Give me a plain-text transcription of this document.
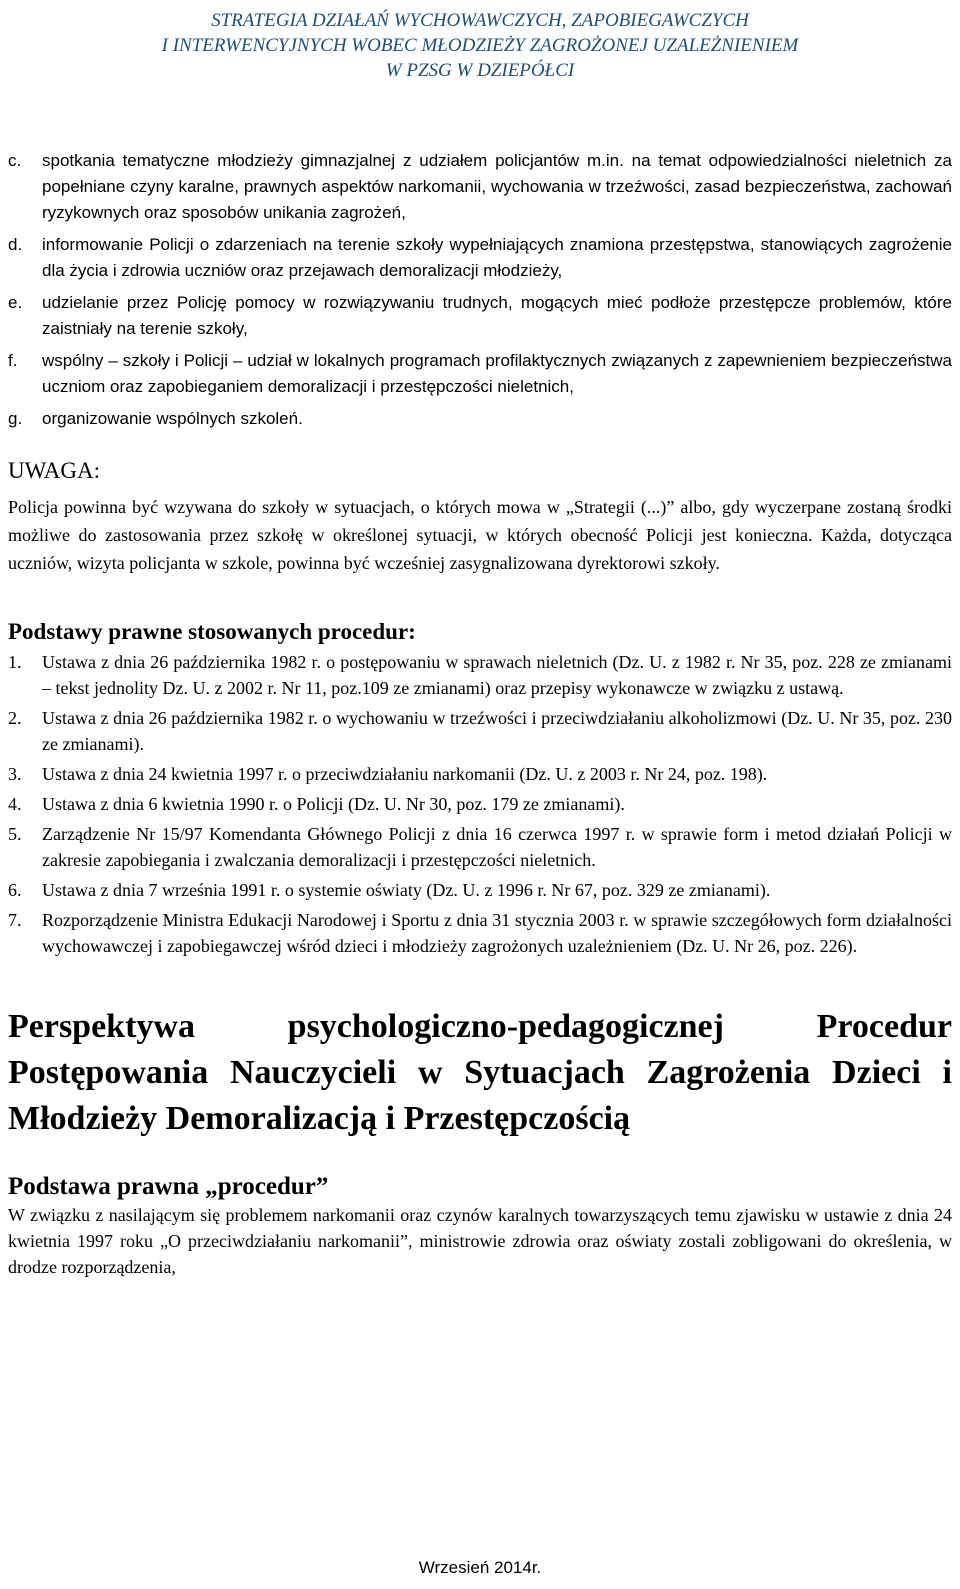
STRATEGIA DZIAŁAŃ WYCHOWAWCZYCH, ZAPOBIEGAWCZYCH
I INTERWENCYJNYCH WOBEC MŁODZIEŻY ZAGROŻONEJ UZALEŻNIENIEM
W PZSG W DZIEPÓŁCI
c.	spotkania tematyczne młodzieży gimnazjalnej z udziałem policjantów m.in. na temat odpowiedzialności nieletnich za popełniane czyny karalne, prawnych aspektów narkomanii, wychowania w trzeźwości, zasad bezpieczeństwa, zachowań ryzykownych oraz sposobów unikania zagrożeń,
d.	informowanie Policji o zdarzeniach na terenie szkoły wypełniających znamiona przestępstwa, stanowiących zagrożenie dla życia i zdrowia uczniów oraz przejawach demoralizacji młodzieży,
e.	udzielanie przez Policję pomocy w rozwiązywaniu trudnych, mogących mieć podłoże przestępcze problemów, które zaistniały na terenie szkoły,
f.	wspólny – szkoły i Policji – udział w lokalnych programach profilaktycznych związanych z zapewnieniem bezpieczeństwa uczniom oraz zapobieganiem demoralizacji i przestępczości nieletnich,
g.	organizowanie wspólnych szkoleń.
UWAGA:
Policja powinna być wzywana do szkoły w sytuacjach, o których mowa w „Strategii (...)” albo, gdy wyczerpane zostaną środki możliwe do zastosowania przez szkołę w określonej sytuacji, w których obecność Policji jest konieczna. Każda, dotycząca uczniów, wizyta policjanta w szkole, powinna być wcześniej zasygnalizowana dyrektorowi szkoły.
Podstawy prawne stosowanych procedur:
1.	Ustawa z dnia 26 października 1982 r. o postępowaniu w sprawach nieletnich (Dz. U. z 1982 r. Nr 35, poz. 228 ze zmianami – tekst jednolity Dz. U. z 2002 r. Nr 11, poz.109 ze zmianami) oraz przepisy wykonawcze w związku z ustawą.
2.	Ustawa z dnia 26 października 1982 r. o wychowaniu w trzeźwości i przeciwdziałaniu alkoholizmowi (Dz. U. Nr 35, poz. 230 ze zmianami).
3.	Ustawa z dnia 24 kwietnia 1997 r. o przeciwdziałaniu narkomanii (Dz. U. z 2003 r. Nr 24, poz. 198).
4.	Ustawa z dnia 6 kwietnia 1990 r. o Policji (Dz. U. Nr 30, poz. 179 ze zmianami).
5.	Zarządzenie Nr 15/97 Komendanta Głównego Policji z dnia 16 czerwca 1997 r. w sprawie form i metod działań Policji w zakresie zapobiegania i zwalczania demoralizacji i przestępczości nieletnich.
6.	Ustawa z dnia 7 września 1991 r. o systemie oświaty (Dz. U. z 1996 r. Nr 67, poz. 329 ze zmianami).
7.	Rozporządzenie Ministra Edukacji Narodowej i Sportu z dnia 31 stycznia 2003 r. w sprawie szczegółowych form działalności wychowawczej i zapobiegawczej wśród dzieci i młodzieży zagrożonych uzależnieniem (Dz. U. Nr 26, poz. 226).
Perspektywa psychologiczno-pedagogicznej Procedur Postępowania Nauczycieli w Sytuacjach Zagrożenia Dzieci i Młodzieży Demoralizacją i Przestępczością
Podstawa prawna „procedur”
W związku z nasilającym się problemem narkomanii oraz czynów karalnych towarzyszących temu zjawisku w ustawie z dnia 24 kwietnia 1997 roku „O przeciwdziałaniu narkomanii”, ministrowie zdrowia oraz oświaty zostali zobligowani do określenia, w drodze rozporządzenia,
Wrzesień 2014r.
